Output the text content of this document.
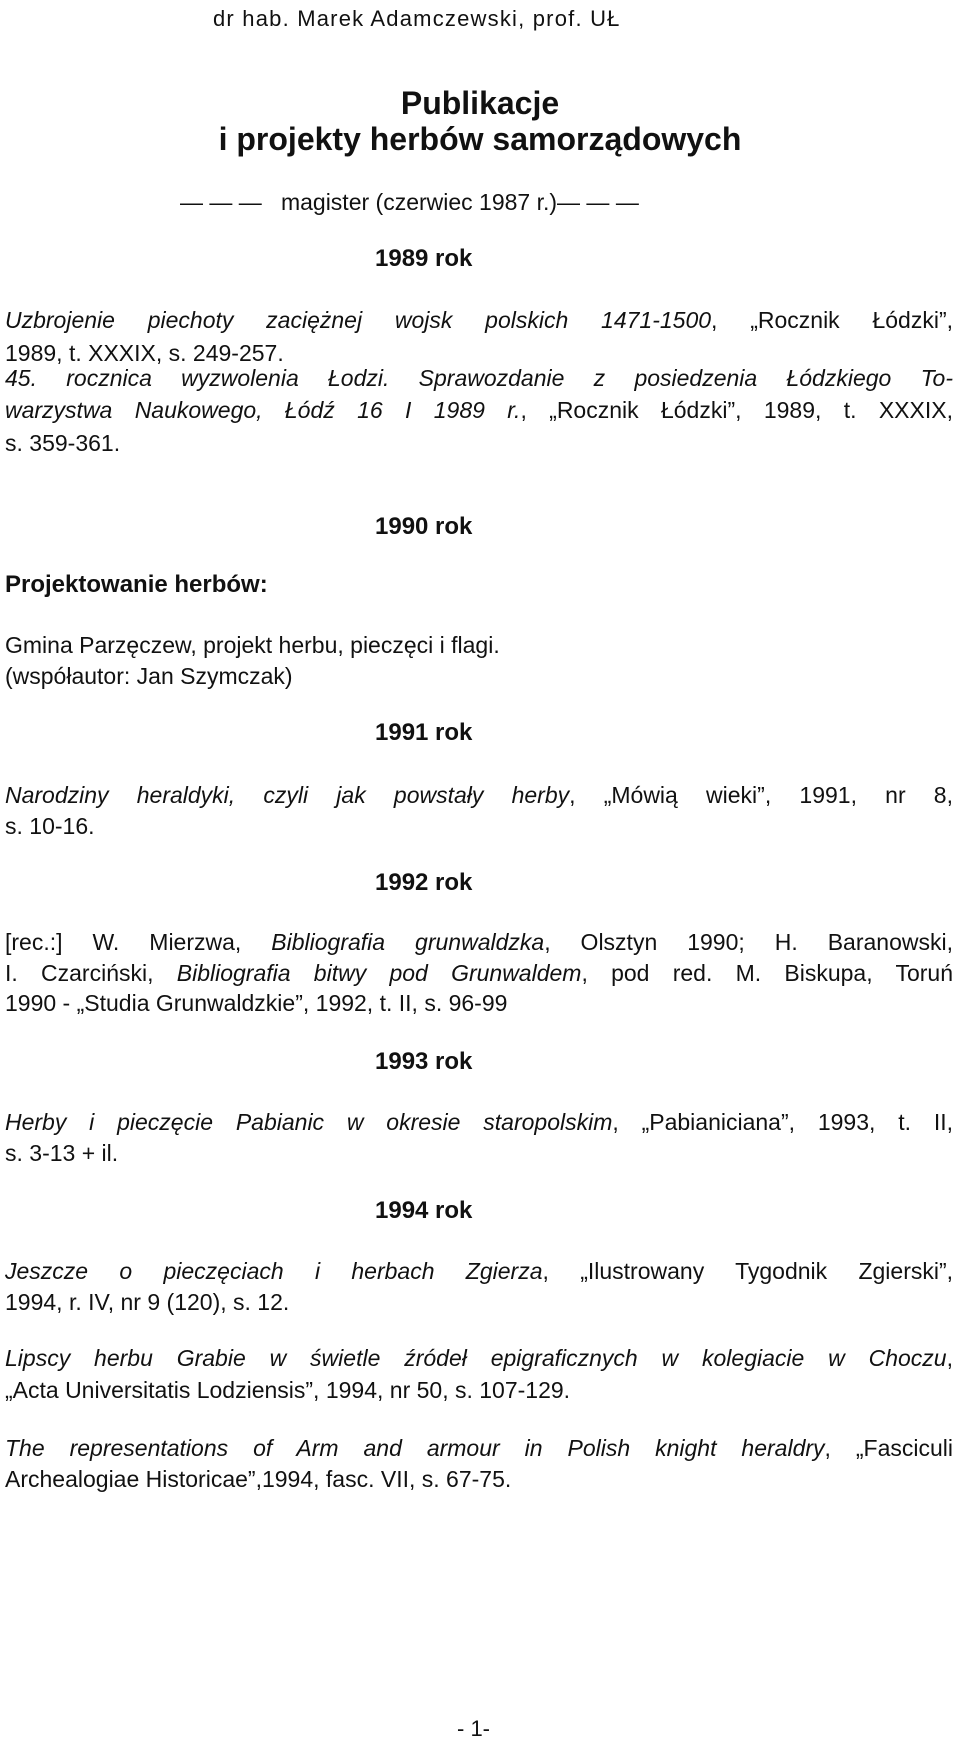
dr hab. Marek Adamczewski, prof. UŁ
Publikacje
i projekty herbów samorządowych
— — — magister (czerwiec 1987 r.)— — —
1989 rok
Uzbrojenie piechoty zaciężnej wojsk polskich 1471-1500, „Rocznik Łódzki”,
1989, t. XXXIX, s. 249-257.
45. rocznica wyzwolenia Łodzi. Sprawozdanie z posiedzenia Łódzkiego To-
warzystwa Naukowego, Łódź 16 I 1989 r., „Rocznik Łódzki”, 1989, t. XXXIX,
s. 359-361.
1990 rok
Projektowanie herbów:
Gmina Parzęczew, projekt herbu, pieczęci i flagi.
(współautor: Jan Szymczak)
1991 rok
Narodziny heraldyki, czyli jak powstały herby, „Mówią wieki”, 1991, nr 8,
s. 10-16.
1992 rok
[rec.:] W. Mierzwa, Bibliografia grunwaldzka, Olsztyn 1990; H. Baranowski,
I. Czarciński, Bibliografia bitwy pod Grunwaldem, pod red. M. Biskupa, Toruń
1990 - „Studia Grunwaldzkie”, 1992, t. II, s. 96-99
1993 rok
Herby i pieczęcie Pabianic w okresie staropolskim, „Pabianiciana”, 1993, t. II,
s. 3-13 + il.
1994 rok
Jeszcze o pieczęciach i herbach Zgierza, „Ilustrowany Tygodnik Zgierski”,
1994, r. IV, nr 9 (120), s. 12.
Lipscy herbu Grabie w świetle źródeł epigraficznych w kolegiacie w Choczu,
„Acta Universitatis Lodziensis”, 1994, nr 50, s. 107-129.
The representations of Arm and armour in Polish knight heraldry, „Fasciculi
Archealogiae Historicae”,1994, fasc. VII, s. 67-75.
- 1-
